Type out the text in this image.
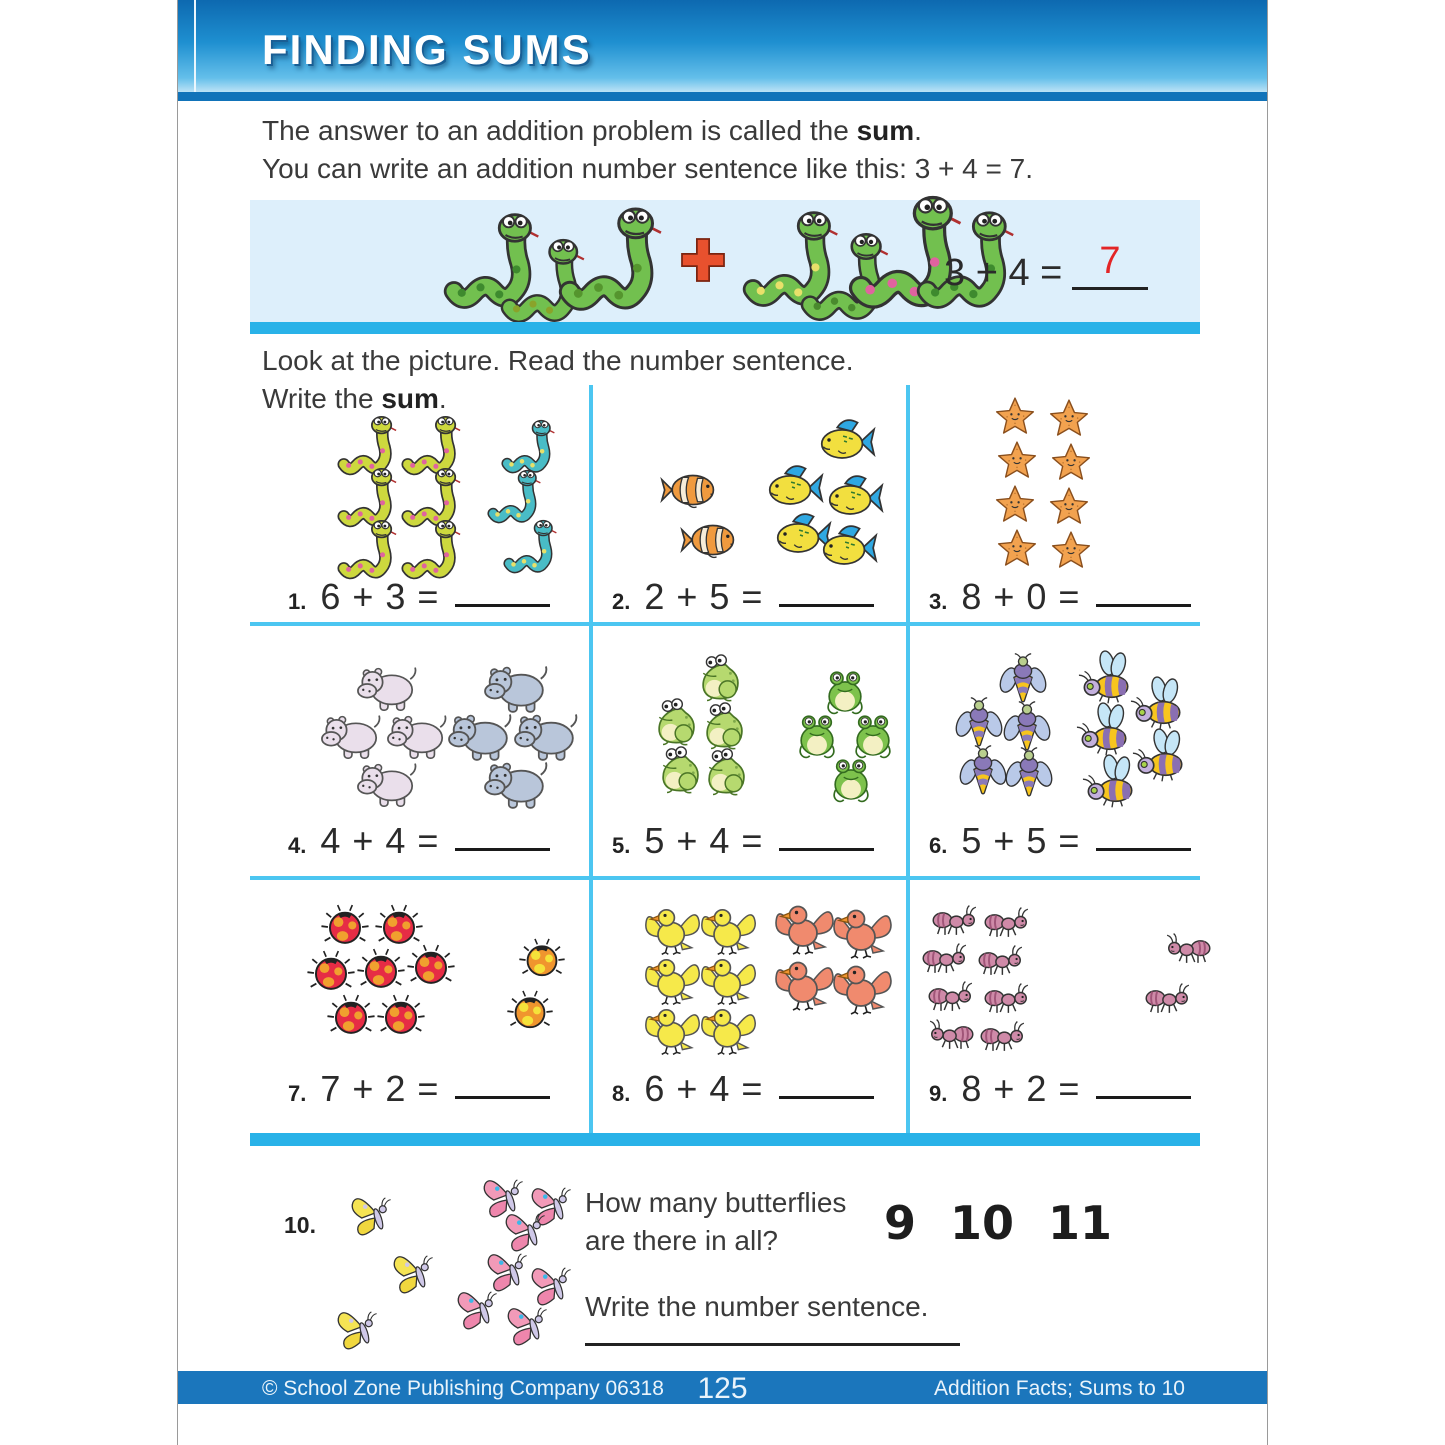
FINDING SUMS
The answer to an addition problem is called the sum.
You can write an addition number sentence like this: 3 + 4 = 7.
3 + 4 = 7
Look at the picture. Read the number sentence.
Write the sum.
1. 6 + 3 =	2. 2 + 5 =	3. 8 + 0 =
4. 4 + 4 =	5. 5 + 4 =	6. 5 + 5 =
7. 7 + 2 =	8. 6 + 4 =	9. 8 + 2 =
10.
How many butterflies
are there in all?	9 10 11
Write the number sentence.
© School Zone Publishing Company 06318	125	Addition Facts; Sums to 10
